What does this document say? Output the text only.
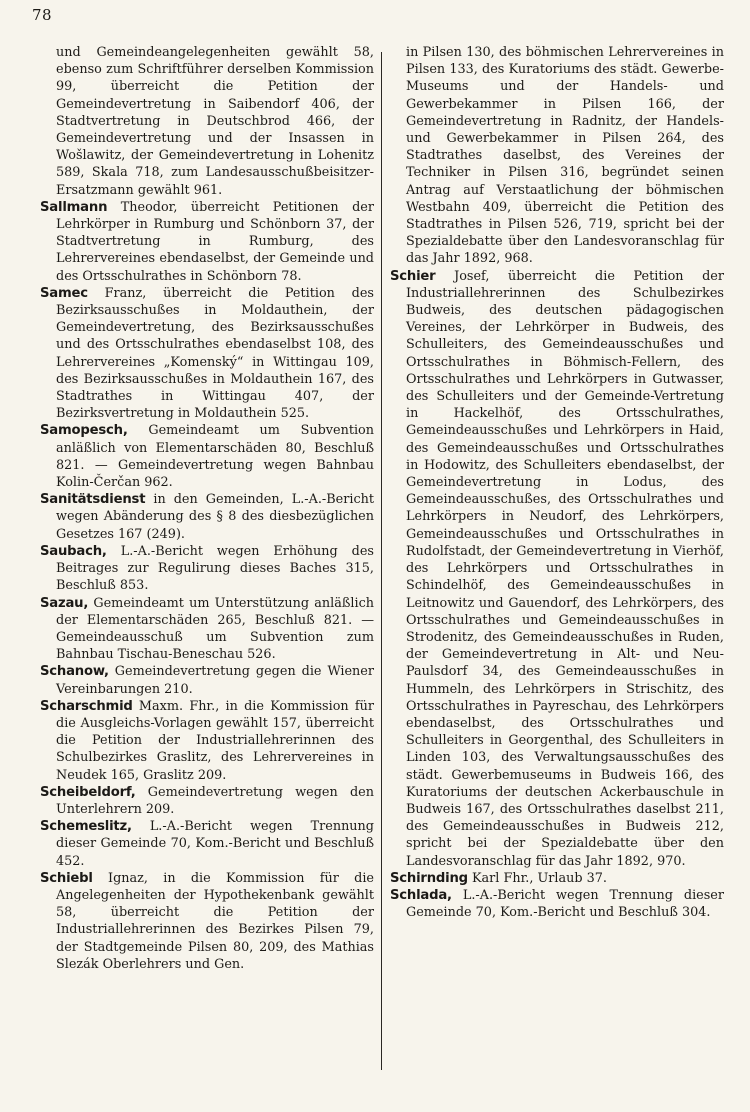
78

und Gemeindeangelegenheiten gewählt 58, ebenso zum Schriftführer derselben Kommission 99, überreicht die Petition der Gemeindevertretung in Saibendorf 406, der Stadtvertretung in Deutschbrod 466, der Gemeindevertretung und der Insassen in Wošlawitz, der Gemeindevertretung in Lohenitz 589, Skala 718, zum Landesausschußbeisitzer-Ersatzmann gewählt 961.

Sallmann Theodor, überreicht Petitionen der Lehrkörper in Rumburg und Schönborn 37, der Stadtvertretung in Rumburg, des Lehrervereines ebendaselbst, der Gemeinde und des Ortsschulrathes in Schönborn 78.

Samec Franz, überreicht die Petition des Bezirksausschußes in Moldauthein, der Gemeindevertretung, des Bezirksausschußes und des Ortsschulrathes ebendaselbst 108, des Lehrervereines „Komenský“ in Wittingau 109, des Bezirksausschußes in Moldauthein 167, des Stadtrathes in Wittingau 407, der Bezirksvertretung in Moldauthein 525.

Samopesch, Gemeindeamt um Subvention anläßlich von Elementarschäden 80, Beschluß 821. — Gemeindevertretung wegen Bahnbau Kolin-Čerčan 962.

Sanitätsdienst in den Gemeinden, L.-A.-Bericht wegen Abänderung des § 8 des diesbezüglichen Gesetzes 167 (249).

Saubach, L.-A.-Bericht wegen Erhöhung des Beitrages zur Regulirung dieses Baches 315, Beschluß 853.

Sazau, Gemeindeamt um Unterstützung anläßlich der Elementarschäden 265, Beschluß 821. — Gemeindeausschuß um Subvention zum Bahnbau Tischau-Beneschau 526.

Schanow, Gemeindevertretung gegen die Wiener Vereinbarungen 210.

Scharschmid Maxm. Fhr., in die Kommission für die Ausgleichs-Vorlagen gewählt 157, überreicht die Petition der Industriallehrerinnen des Schulbezirkes Graslitz, des Lehrervereines in Neudek 165, Graslitz 209.

Scheibeldorf, Gemeindevertretung wegen den Unterlehrern 209.

Schemeslitz, L.-A.-Bericht wegen Trennung dieser Gemeinde 70, Kom.-Bericht und Beschluß 452.

Schiebl Ignaz, in die Kommission für die Angelegenheiten der Hypothekenbank gewählt 58, überreicht die Petition der Industriallehrerinnen des Bezirkes Pilsen 79, der Stadtgemeinde Pilsen 80, 209, des Mathias Slezák Oberlehrers und Gen.

in Pilsen 130, des böhmischen Lehrervereines in Pilsen 133, des Kuratoriums des städt. Gewerbe-Museums und der Handels- und Gewerbekammer in Pilsen 166, der Gemeindevertretung in Radnitz, der Handels- und Gewerbekammer in Pilsen 264, des Stadtrathes daselbst, des Vereines der Techniker in Pilsen 316, begründet seinen Antrag auf Verstaatlichung der böhmischen Westbahn 409, überreicht die Petition des Stadtrathes in Pilsen 526, 719, spricht bei der Spezialdebatte über den Landesvoranschlag für das Jahr 1892, 968.

Schier Josef, überreicht die Petition der Industriallehrerinnen des Schulbezirkes Budweis, des deutschen pädagogischen Vereines, der Lehrkörper in Budweis, des Schulleiters, des Gemeindeausschußes und Ortsschulrathes in Böhmisch-Fellern, des Ortsschulrathes und Lehrkörpers in Gutwasser, des Schulleiters und der Gemeinde-Vertretung in Hackelhöf, des Ortsschulrathes, Gemeindeausschußes und Lehrkörpers in Haid, des Gemeindeausschußes und Ortsschulrathes in Hodowitz, des Schulleiters ebendaselbst, der Gemeindevertretung in Lodus, des Gemeindeausschußes, des Ortsschulrathes und Lehrkörpers in Neudorf, des Lehrkörpers, Gemeindeausschußes und Ortsschulrathes in Rudolfstadt, der Gemeindevertretung in Vierhöf, des Lehrkörpers und Ortsschulrathes in Schindelhöf, des Gemeindeausschußes in Leitnowitz und Gauendorf, des Lehrkörpers, des Ortsschulrathes und Gemeindeausschußes in Strodenitz, des Gemeindeausschußes in Ruden, der Gemeindevertretung in Alt- und Neu-Paulsdorf 34, des Gemeindeausschußes in Hummeln, des Lehrkörpers in Strischitz, des Ortsschulrathes in Payreschau, des Lehrkörpers ebendaselbst, des Ortsschulrathes und Schulleiters in Georgenthal, des Schulleiters in Linden 103, des Verwaltungsausschußes des städt. Gewerbemuseums in Budweis 166, des Kuratoriums der deutschen Ackerbauschule in Budweis 167, des Ortsschulrathes daselbst 211, des Gemeindeausschußes in Budweis 212, spricht bei der Spezialdebatte über den Landesvoranschlag für das Jahr 1892, 970.

Schirnding Karl Fhr., Urlaub 37.

Schlada, L.-A.-Bericht wegen Trennung dieser Gemeinde 70, Kom.-Bericht und Beschluß 304.
